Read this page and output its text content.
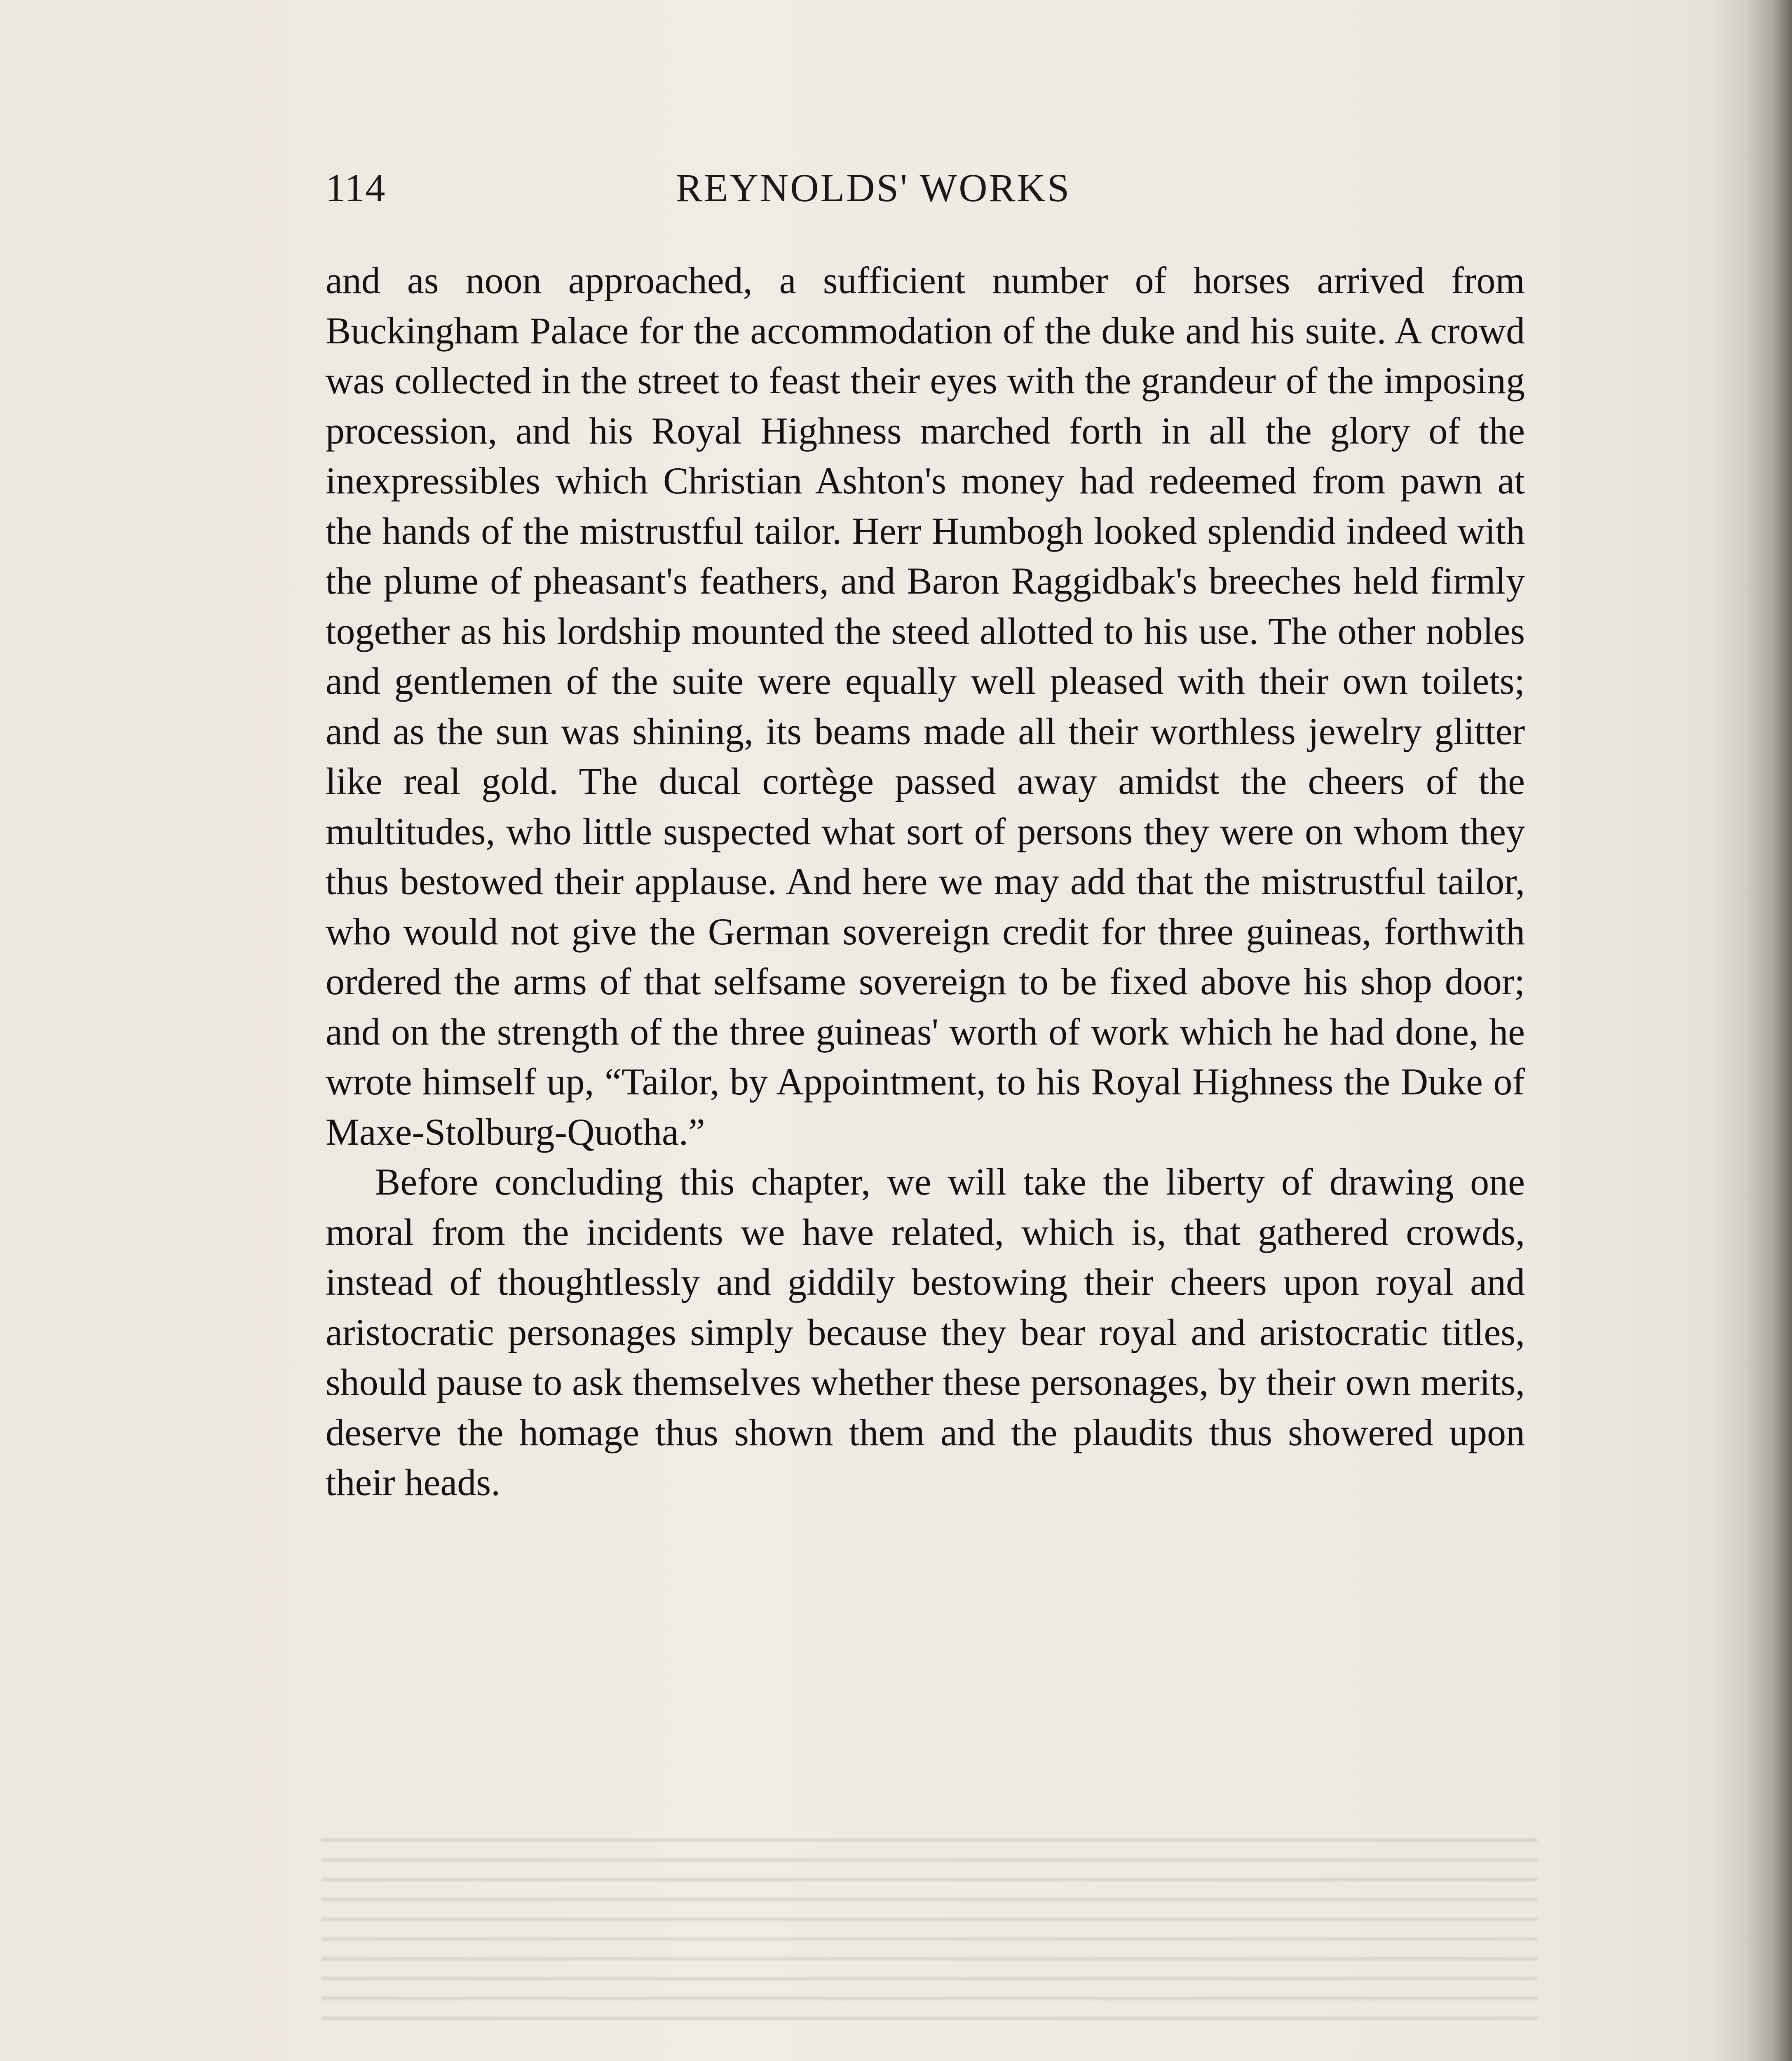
114	REYNOLDS' WORKS

and as noon approached, a sufficient number of horses arrived from Buckingham Palace for the accommodation of the duke and his suite. A crowd was collected in the street to feast their eyes with the grandeur of the imposing procession, and his Royal Highness marched forth in all the glory of the inexpressibles which Christian Ashton's money had redeemed from pawn at the hands of the mistrustful tailor. Herr Humbogh looked splendid indeed with the plume of pheasant's feathers, and Baron Raggidbak's breeches held firmly together as his lordship mounted the steed allotted to his use. The other nobles and gentlemen of the suite were equally well pleased with their own toilets; and as the sun was shining, its beams made all their worthless jewelry glitter like real gold. The ducal cortège passed away amidst the cheers of the multitudes, who little suspected what sort of persons they were on whom they thus bestowed their applause. And here we may add that the mistrustful tailor, who would not give the German sovereign credit for three guineas, forthwith ordered the arms of that selfsame sovereign to be fixed above his shop door; and on the strength of the three guineas' worth of work which he had done, he wrote himself up, “Tailor, by Appointment, to his Royal Highness the Duke of Maxe-Stolburg-Quotha.”

Before concluding this chapter, we will take the liberty of drawing one moral from the incidents we have related, which is, that gathered crowds, instead of thoughtlessly and giddily bestowing their cheers upon royal and aristocratic personages simply because they bear royal and aristocratic titles, should pause to ask themselves whether these personages, by their own merits, deserve the homage thus shown them and the plaudits thus showered upon their heads.
